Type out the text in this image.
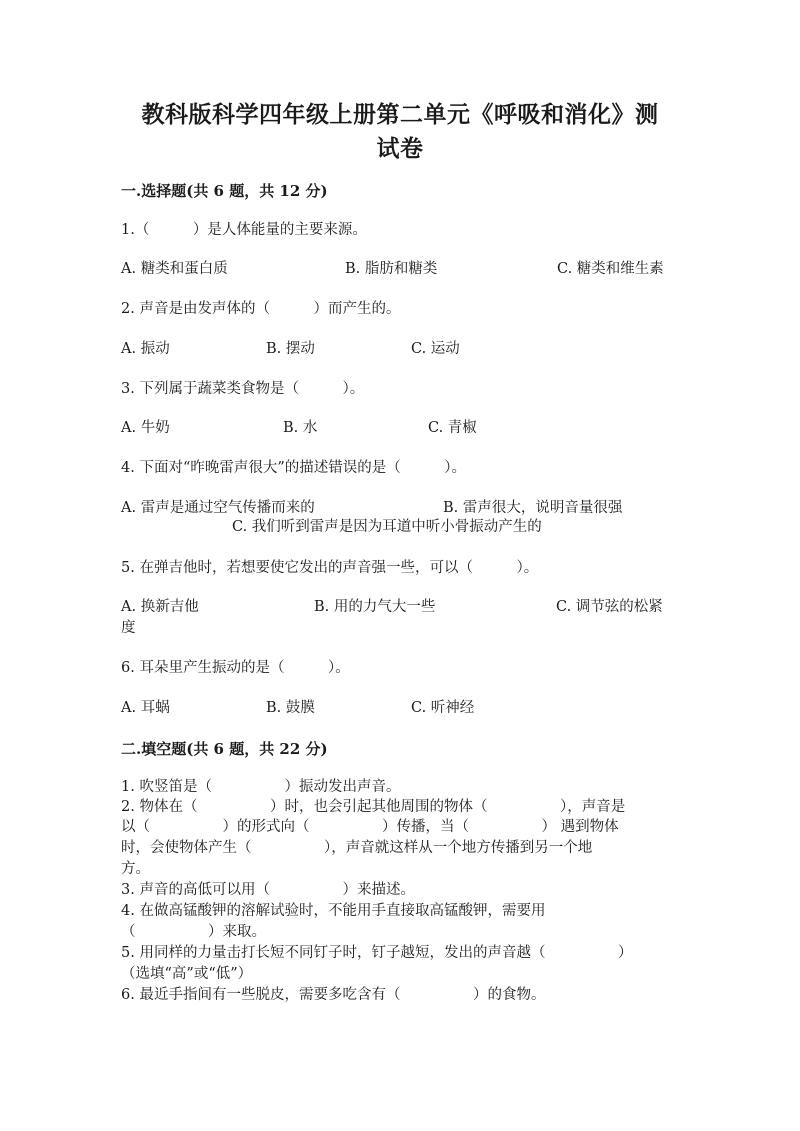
教科版科学四年级上册第二单元《呼吸和消化》测
试卷
一.选择题(共 6 题，共 12 分)
1.（　　　）是人体能量的主要来源。
A. 糖类和蛋白质	B. 脂肪和糖类	C. 糖类和维生素
2. 声音是由发声体的（　　　）而产生的。
A. 振动	B. 摆动	C. 运动
3. 下列属于蔬菜类食物是（　　　）。
A. 牛奶	B. 水	C. 青椒
4. 下面对“昨晚雷声很大”的描述错误的是（　　　）。
A. 雷声是通过空气传播而来的	B. 雷声很大，说明音量很强
C. 我们听到雷声是因为耳道中听小骨振动产生的
5. 在弹吉他时，若想要使它发出的声音强一些，可以（　　　）。
A. 换新吉他	B. 用的力气大一些	C. 调节弦的松紧
度
6. 耳朵里产生振动的是（　　　）。
A. 耳蜗	B. 鼓膜	C. 听神经
二.填空题(共 6 题，共 22 分)
1. 吹竖笛是（　　　　　）振动发出声音。
2. 物体在（　　　　　）时，也会引起其他周围的物体（　　　　　），声音是
以（　　　　　）的形式向（　　　　　）传播，当（　　　　　） 遇到物体
时，会使物体产生（　　　　　），声音就这样从一个地方传播到另一个地
方。
3. 声音的高低可以用（　　　　　）来描述。
4. 在做高锰酸钾的溶解试验时，不能用手直接取高锰酸钾，需要用
（　　　　　）来取。
5. 用同样的力量击打长短不同钉子时，钉子越短，发出的声音越（　　　　　）
（选填“高”或“低”）
6. 最近手指间有一些脱皮，需要多吃含有（　　　　　）的食物。
